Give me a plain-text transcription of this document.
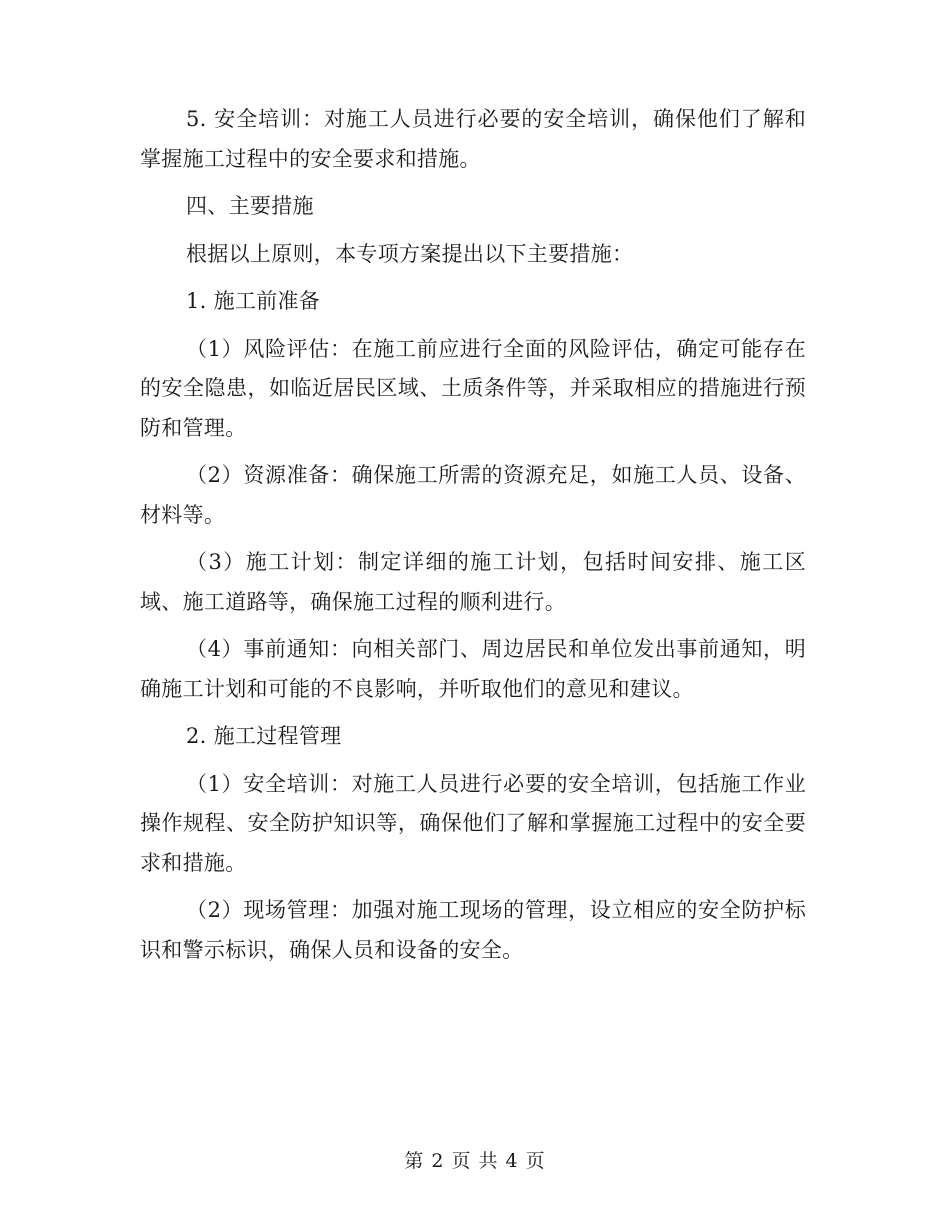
5. 安全培训：对施工人员进行必要的安全培训，确保他们了解和掌握施工过程中的安全要求和措施。

四、主要措施

根据以上原则，本专项方案提出以下主要措施：

1. 施工前准备

（1）风险评估：在施工前应进行全面的风险评估，确定可能存在的安全隐患，如临近居民区域、土质条件等，并采取相应的措施进行预防和管理。

（2）资源准备：确保施工所需的资源充足，如施工人员、设备、材料等。

（3）施工计划：制定详细的施工计划，包括时间安排、施工区域、施工道路等，确保施工过程的顺利进行。

（4）事前通知：向相关部门、周边居民和单位发出事前通知，明确施工计划和可能的不良影响，并听取他们的意见和建议。

2. 施工过程管理

（1）安全培训：对施工人员进行必要的安全培训，包括施工作业操作规程、安全防护知识等，确保他们了解和掌握施工过程中的安全要求和措施。

（2）现场管理：加强对施工现场的管理，设立相应的安全防护标识和警示标识，确保人员和设备的安全。

第 2 页 共 4 页
